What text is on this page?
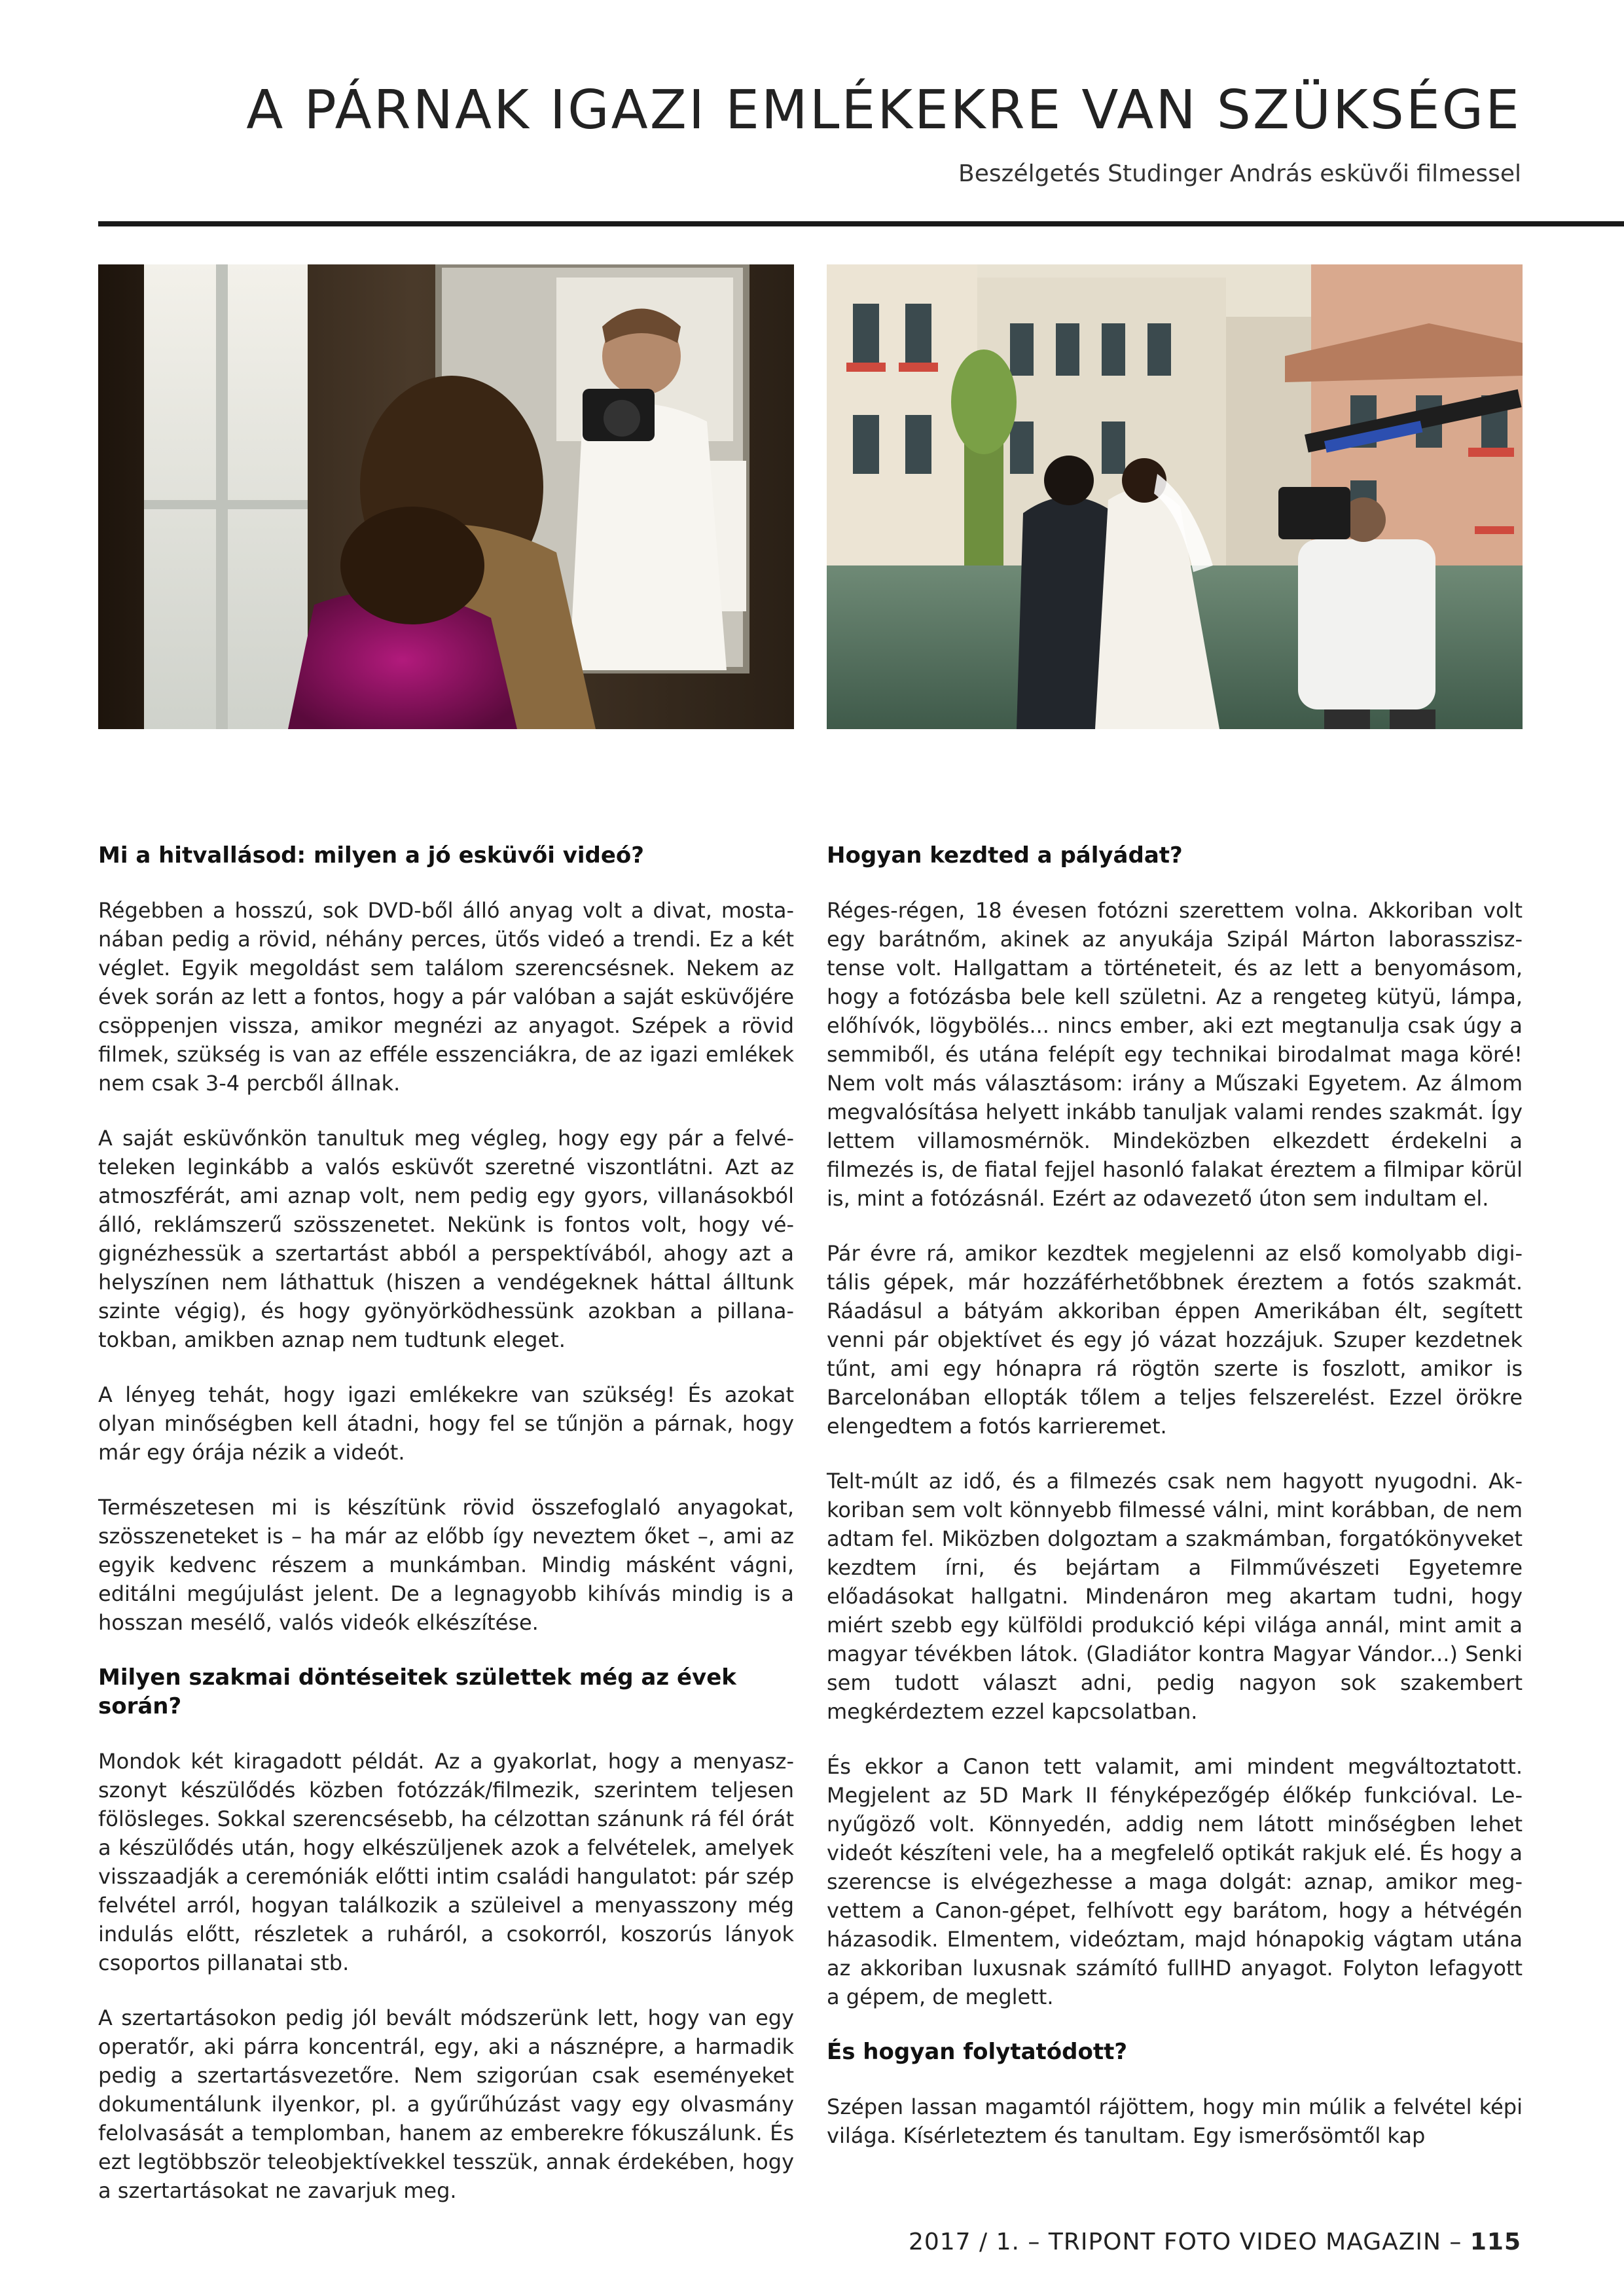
A PÁRNAK IGAZI EMLÉKEKRE VAN SZÜKSÉGE
Beszélgetés Studinger András esküvői filmessel

Mi a hitvallásod: milyen a jó esküvői videó?

Régebben a hosszú, sok DVD-ből álló anyag volt a divat, mostanában pedig a rövid, néhány perces, ütős videó a trendi. Ez a két véglet. Egyik megoldást sem találom szerencsésnek. Nekem az évek során az lett a fontos, hogy a pár valóban a saját esküvőjére csöppenjen vissza, amikor megnézi az anyagot. Szépek a rövid filmek, szükség is van az efféle esszenciákra, de az igazi emlékek nem csak 3-4 percből állnak.

A saját esküvőnkön tanultuk meg végleg, hogy egy pár a felvételeken leginkább a valós esküvőt szeretné viszontlátni. Azt az atmoszférát, ami aznap volt, nem pedig egy gyors, villanásokból álló, reklámszerű szösszenetet. Nekünk is fontos volt, hogy végignézhessük a szertartást abból a perspektívából, ahogy azt a helyszínen nem láthattuk (hiszen a vendégeknek háttal álltunk szinte végig), és hogy gyönyörködhessünk azokban a pillanatokban, amikben aznap nem tudtunk eleget.

A lényeg tehát, hogy igazi emlékekre van szükség! És azokat olyan minőségben kell átadni, hogy fel se tűnjön a párnak, hogy már egy órája nézik a videót.

Természetesen mi is készítünk rövid összefoglaló anyagokat, szösszeneteket is – ha már az előbb így neveztem őket –, ami az egyik kedvenc részem a munkámban. Mindig másként vágni, editálni megújulást jelent. De a legnagyobb kihívás mindig is a hosszan mesélő, valós videók elkészítése.

Milyen szakmai döntéseitek születtek még az évek során?

Mondok két kiragadott példát. Az a gyakorlat, hogy a menyaszszonyt készülődés közben fotózzák/filmezik, szerintem teljesen fölösleges. Sokkal szerencsésebb, ha célzottan szánunk rá fél órát a készülődés után, hogy elkészüljenek azok a felvételek, amelyek visszaadják a ceremóniák előtti intim családi hangulatot: pár szép felvétel arról, hogyan találkozik a szüleivel a menyasszony még indulás előtt, részletek a ruháról, a csokorról, koszorús lányok csoportos pillanatai stb.

A szertartásokon pedig jól bevált módszerünk lett, hogy van egy operatőr, aki párra koncentrál, egy, aki a násznépre, a harmadik pedig a szertartásvezetőre. Nem szigorúan csak eseményeket dokumentálunk ilyenkor, pl. a gyűrűhúzást vagy egy olvasmány felolvasását a templomban, hanem az emberekre fókuszálunk. És ezt legtöbbször teleobjektívekkel tesszük, annak érdekében, hogy a szertartásokat ne zavarjuk meg.

Hogyan kezdted a pályádat?

Réges-régen, 18 évesen fotózni szerettem volna. Akkoriban volt egy barátnőm, akinek az anyukája Szipál Márton laborasszisztense volt. Hallgattam a történeteit, és az lett a benyomásom, hogy a fotózásba bele kell születni. Az a rengeteg kütyü, lámpa, előhívók, lögybölés... nincs ember, aki ezt megtanulja csak úgy a semmiből, és utána felépít egy technikai birodalmat maga köré! Nem volt más választásom: irány a Műszaki Egyetem. Az álmom megvalósítása helyett inkább tanuljak valami rendes szakmát. Így lettem villamosmérnök. Mindeközben elkezdett érdekelni a filmezés is, de fiatal fejjel hasonló falakat éreztem a filmipar körül is, mint a fotózásnál. Ezért az odavezető úton sem indultam el.

Pár évre rá, amikor kezdtek megjelenni az első komolyabb digitális gépek, már hozzáférhetőbbnek éreztem a fotós szakmát. Ráadásul a bátyám akkoriban éppen Amerikában élt, segített venni pár objektívet és egy jó vázat hozzájuk. Szuper kezdetnek tűnt, ami egy hónapra rá rögtön szerte is foszlott, amikor is Barcelonában ellopták tőlem a teljes felszerelést. Ezzel örökre elengedtem a fotós karrieremet.

Telt-múlt az idő, és a filmezés csak nem hagyott nyugodni. Akkoriban sem volt könnyebb filmessé válni, mint korábban, de nem adtam fel. Miközben dolgoztam a szakmámban, forgatókönyveket kezdtem írni, és bejártam a Filmművészeti Egyetemre előadásokat hallgatni. Mindenáron meg akartam tudni, hogy miért szebb egy külföldi produkció képi világa annál, mint amit a magyar tévékben látok. (Gladiátor kontra Magyar Vándor...) Senki sem tudott választ adni, pedig nagyon sok szakembert megkérdeztem ezzel kapcsolatban.

És ekkor a Canon tett valamit, ami mindent megváltoztatott. Megjelent az 5D Mark II fényképezőgép élőkép funkcióval. Lenyűgöző volt. Könnyedén, addig nem látott minőségben lehet videót készíteni vele, ha a megfelelő optikát rakjuk elé. És hogy a szerencse is elvégezhesse a maga dolgát: aznap, amikor megvettem a Canon-gépet, felhívott egy barátom, hogy a hétvégén házasodik. Elmentem, videóztam, majd hónapokig vágtam utána az akkoriban luxusnak számító fullHD anyagot. Folyton lefagyott a gépem, de meglett.

És hogyan folytatódott?

Szépen lassan magamtól rájöttem, hogy min múlik a felvétel képi világa. Kísérleteztem és tanultam. Egy ismerősömtől kap

2017 / 1. – TRIPONT FOTO VIDEO MAGAZIN – 115
